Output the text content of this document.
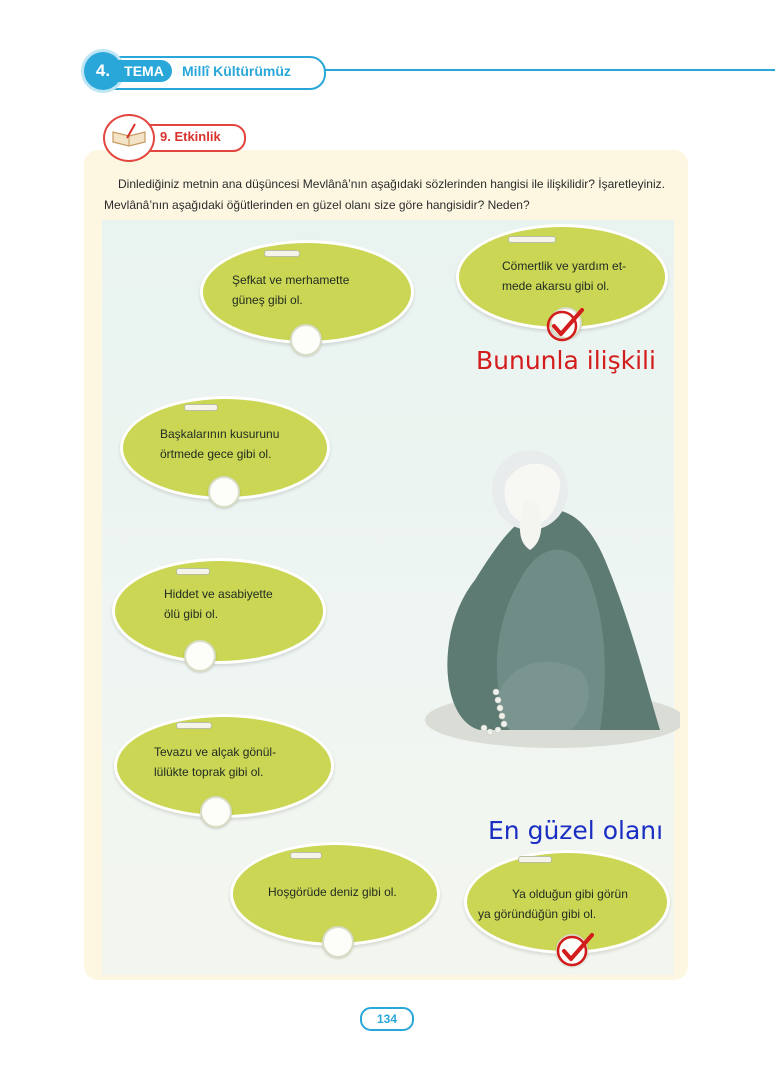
4.	TEMA	Millî Kültürümüz
9. Etkinlik
Dinlediğiniz metnin ana düşüncesi Mevlânâ’nın aşağıdaki sözlerinden hangisi ile ilişkilidir? İşaretleyiniz. Mevlânâ’nın aşağıdaki öğütlerinden en güzel olanı size göre hangisidir? Neden?
Şefkat ve merhamette
güneş gibi ol.
Cömertlik ve yardım et-
mede akarsu gibi ol.
Bununla ilişkili
Başkalarının kusurunu
örtmede gece gibi ol.
Hiddet ve asabiyette
ölü gibi ol.
Tevazu ve alçak gönül-
lülükte toprak gibi ol.
Hoşgörüde deniz gibi ol.	Ya olduğun gibi görün
ya göründüğün gibi ol.
En güzel olanı
134
